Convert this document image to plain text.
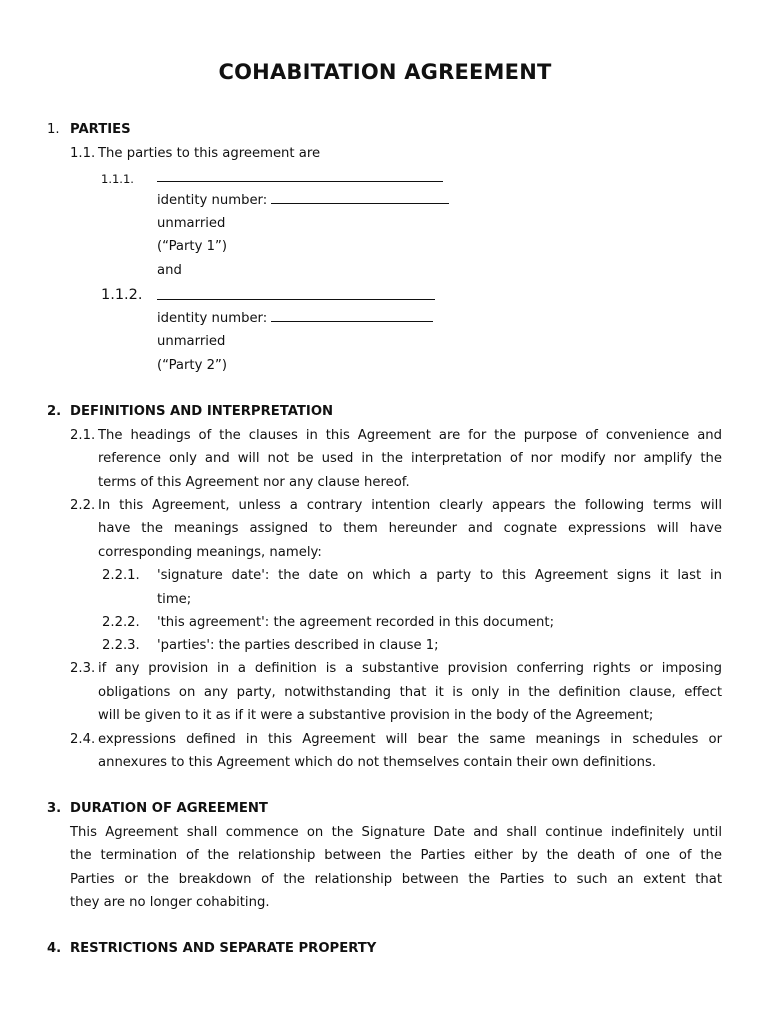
COHABITATION AGREEMENT
1. PARTIES
1.1. The parties to this agreement are
1.1.1.
identity number:
unmarried
(“Party 1”)
and
1.1.2.
identity number:
unmarried
(“Party 2”)
2. DEFINITIONS AND INTERPRETATION
2.1. The headings of the clauses in this Agreement are for the purpose of convenience and
reference only and will not be used in the interpretation of nor modify nor amplify the
terms of this Agreement nor any clause hereof.
2.2. In this Agreement, unless a contrary intention clearly appears the following terms will
have the meanings assigned to them hereunder and cognate expressions will have
corresponding meanings, namely:
2.2.1. 'signature date': the date on which a party to this Agreement signs it last in
time;
2.2.2. 'this agreement': the agreement recorded in this document;
2.2.3. 'parties': the parties described in clause 1;
2.3. if any provision in a definition is a substantive provision conferring rights or imposing
obligations on any party, notwithstanding that it is only in the definition clause, effect
will be given to it as if it were a substantive provision in the body of the Agreement;
2.4. expressions defined in this Agreement will bear the same meanings in schedules or
annexures to this Agreement which do not themselves contain their own definitions.
3. DURATION OF AGREEMENT
This Agreement shall commence on the Signature Date and shall continue indefinitely until
the termination of the relationship between the Parties either by the death of one of the
Parties or the breakdown of the relationship between the Parties to such an extent that
they are no longer cohabiting.
4. RESTRICTIONS AND SEPARATE PROPERTY
